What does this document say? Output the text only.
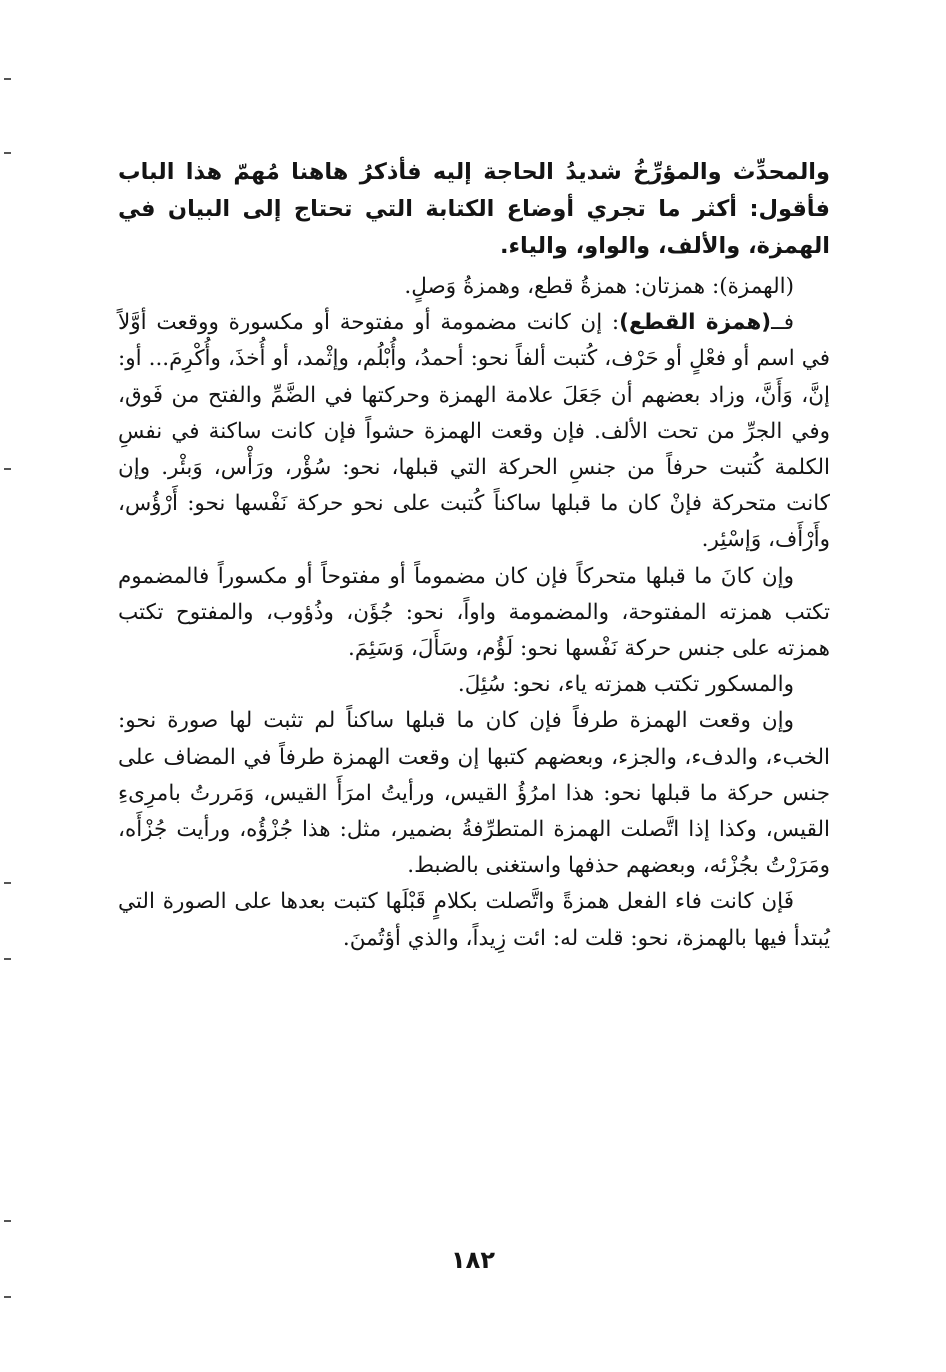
والمحدِّث والمؤرِّخُ شديدُ الحاجة إليه فأذكرُ هاهنا مُهمّ هذا الباب فأقول: أكثر ما تجري أوضاع الكتابة التي تحتاج إلى البيان في الهمزة، والألف، والواو، والياء.

(الهمزة): همزتان: همزةُ قطع، وهمزةُ وَصلٍ.

فــ(همزة القطع): إن كانت مضمومة أو مفتوحة أو مكسورة ووقعت أوَّلاً في اسم أو فعْلٍ أو حَرْف، كُتبت ألفاً نحو: أحمدُ، وأُبْلُم، وإثْمد، أو أُخذَ، وأُكْرِمَ... أو: إنَّ، وَأَنَّ، وزاد بعضهم أن جَعَلَ علامة الهمزة وحركتها في الضَّمِّ والفتح من فَوق، وفي الجرِّ من تحت الألف. فإن وقعت الهمزة حشواً فإن كانت ساكنة في نفسِ الكلمة كُتبت حرفاً من جنسِ الحركة التي قبلها، نحو: سُؤْر، ورَأْس، وَبئْر. وإن كانت متحركة فإنْ كان ما قبلها ساكناً كُتبت على نحو حركة نَفْسها نحو: أَرْؤُس، وأَرْأَف، وَإسْئِر.

وإن كانَ ما قبلها متحركاً فإن كان مضموماً أو مفتوحاً أو مكسوراً فالمضموم تكتب همزته المفتوحة، والمضمومة واواً، نحو: جُؤَن، وذُؤوب، والمفتوح تكتب همزته على جنس حركة نَفْسها نحو: لَؤُم، وسَأَلَ، وَسَئِمَ.

والمسكور تكتب همزته ياء، نحو: سُئِلَ.

وإن وقعت الهمزة طرفاً فإن كان ما قبلها ساكناً لم تثبت لها صورة نحو: الخبء، والدفء، والجزء، وبعضهم كتبها إن وقعت الهمزة طرفاً في المضاف على جنس حركة ما قبلها نحو: هذا امرُؤُ القيس، ورأيتُ امرَأَ القيس، وَمَررتُ بامرِىءِ القيس، وكذا إذا اتَّصلت الهمزة المتطرِّفةُ بضمير، مثل: هذا جُزْؤُه، ورأيت جُزْأَه، ومَرَرْتُ بجُزْئه، وبعضهم حذفها واستغنى بالضبط.

فَإن كانت فاء الفعل همزةً واتَّصلت بكلامٍ قَبْلَها كتبت بعدها على الصورة التي يُبتدأ فيها بالهمزة، نحو: قلت له: ائت زِيداً، والذي أؤتُمنَ.

١٨٢
